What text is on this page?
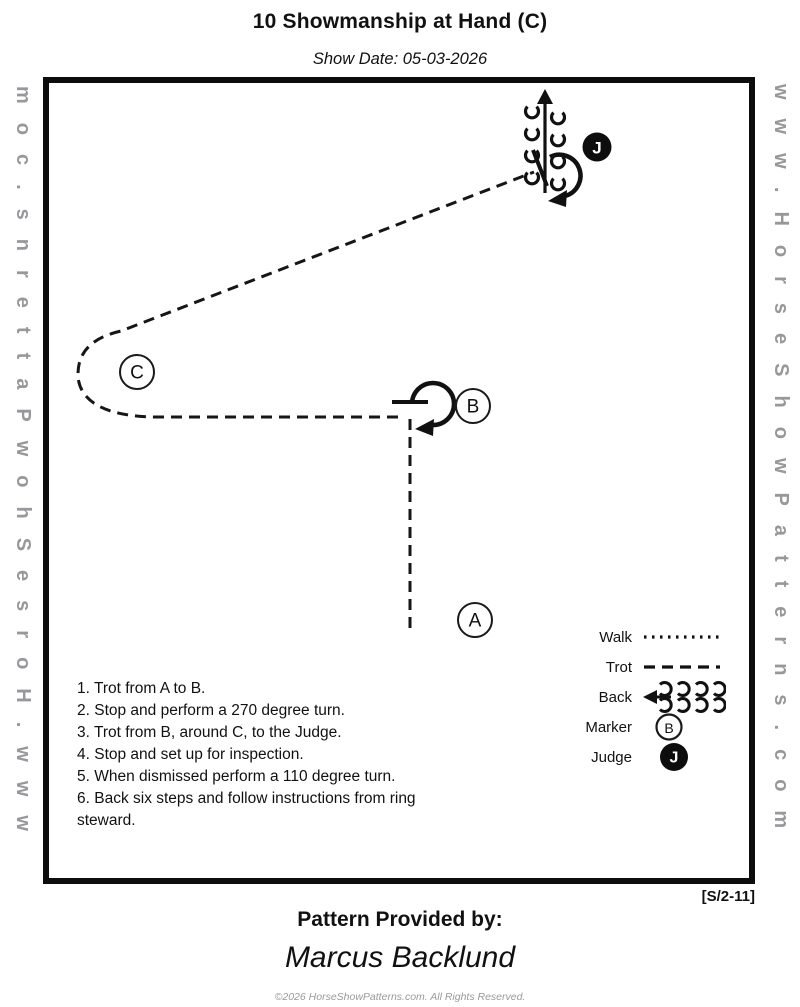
10 Showmanship at Hand (C)
Show Date: 05-03-2026
moc.snrettaPwohSesroH.www	www.HorseShowPatterns.com
J
C
B
A
Walk
Trot
Back
Marker B
Judge J

1. Trot from A to B.

2. Stop and perform a 270 degree turn.

3. Trot from B, around C, to the Judge.

4. Stop and set up for inspection.

5. When dismissed perform a 110 degree turn.

6. Back six steps and follow instructions from ring steward.

[S/2-11]
Pattern Provided by:
Marcus Backlund
©2026 HorseShowPatterns.com. All Rights Reserved.
